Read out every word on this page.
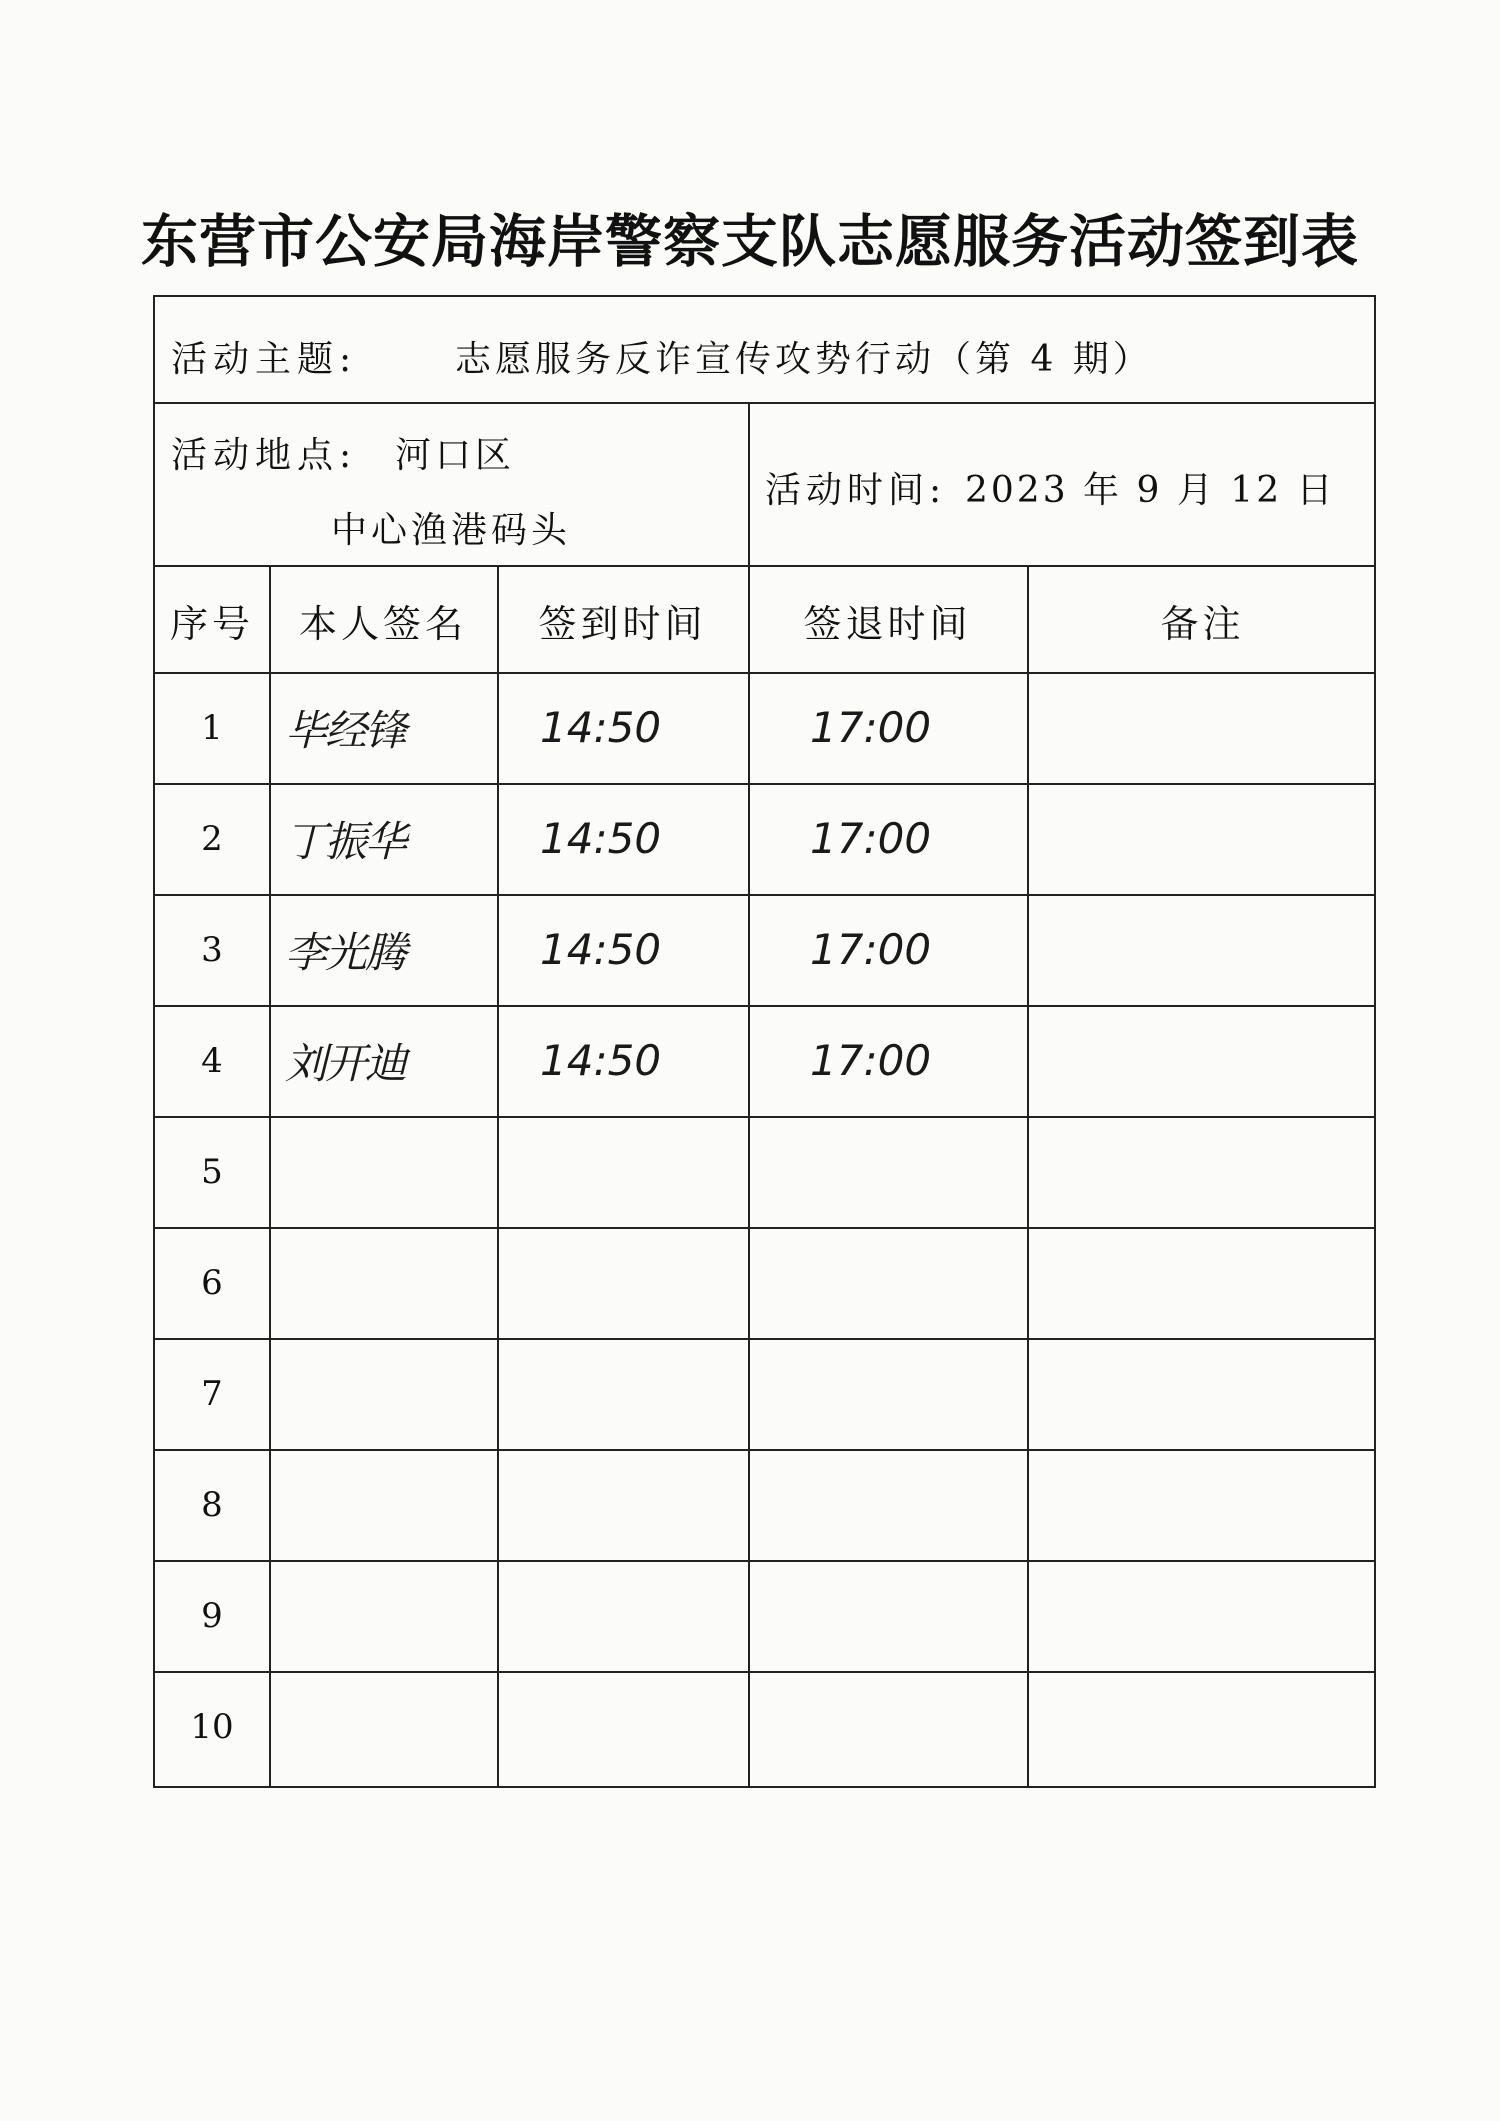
东营市公安局海岸警察支队志愿服务活动签到表
活动主题:	志愿服务反诈宣传攻势行动（第 4 期）
活动地点: 河口区
中心渔港码头
活动时间: 2023 年 9 月 12 日
序号	本人签名	签到时间	签退时间	备注
1	毕经锋	14:50	17:00
2	丁振华	14:50	17:00
3	李光腾	14:50	17:00
4	刘开迪	14:50	17:00
5
6
7
8
9
10
